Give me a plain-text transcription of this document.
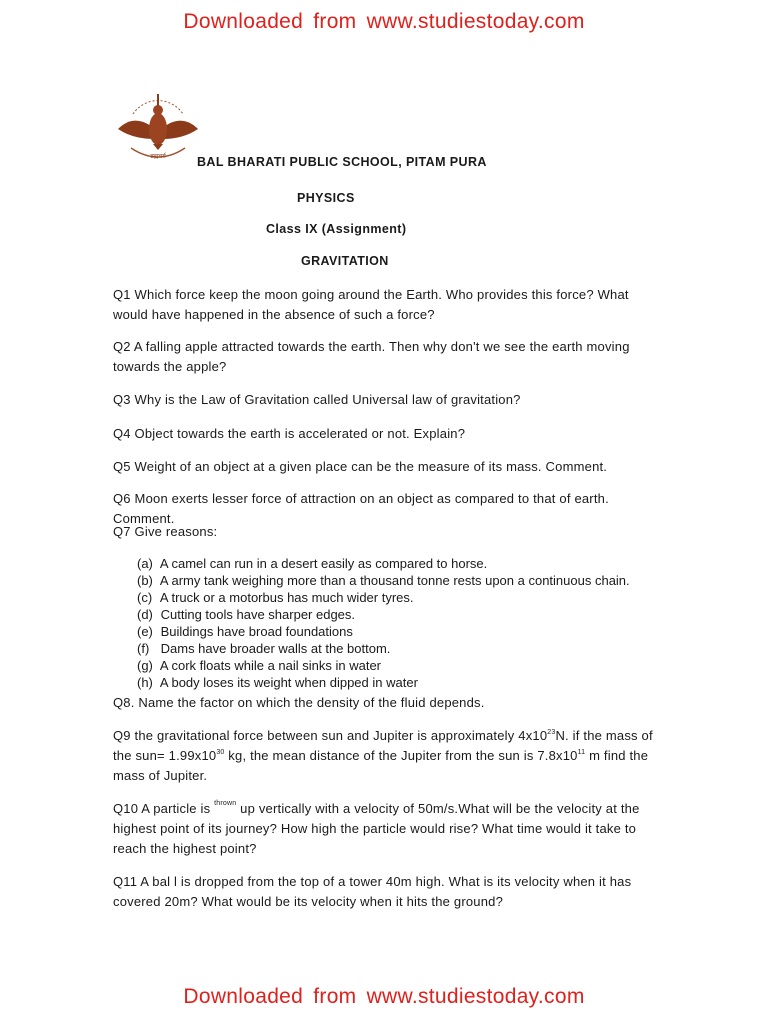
Downloaded from www.studiestoday.com
ब्रह्मचर्य BAL BHARATI PUBLIC SCHOOL, PITAM PURA
PHYSICS
Class IX (Assignment)
GRAVITATION
Q1 Which force keep the moon going around the Earth. Who provides this force? What would have happened in the absence of such a force?
Q2 A falling apple attracted towards the earth. Then why don't we see the earth moving towards the apple?
Q3 Why is the Law of Gravitation called Universal law of gravitation?
Q4 Object towards the earth is accelerated or not. Explain?
Q5 Weight of an object at a given place can be the measure of its mass. Comment.
Q6 Moon exerts lesser force of attraction on an object as compared to that of earth. Comment.
Q7 Give reasons:
(a) A camel can run in a desert easily as compared to horse.
(b) A army tank weighing more than a thousand tonne rests upon a continuous chain.
(c) A truck or a motorbus has much wider tyres.
(d) Cutting tools have sharper edges.
(e) Buildings have broad foundations
(f) Dams have broader walls at the bottom.
(g) A cork floats while a nail sinks in water
(h) A body loses its weight when dipped in water
Q8. Name the factor on which the density of the fluid depends.
Q9 the gravitational force between sun and Jupiter is approximately $4x10^{23}N$. if the mass of the $sun= 1.99x10^{30}$ kg, the mean distance of the Jupiter from the sun is $7.8x10^{11}$ m find the mass of Jupiter.
Q10 A particle is $^{thrown}$ up vertically with a velocity of 50m/s.What will be the velocity at the highest point of its journey? How high the particle would rise? What time would it take to reach the highest point?
Q11 A bal l is dropped from the top of a tower 40m high. What is its velocity when it has covered 20m? What would be its velocity when it hits the ground?
Downloaded from www.studiestoday.com
